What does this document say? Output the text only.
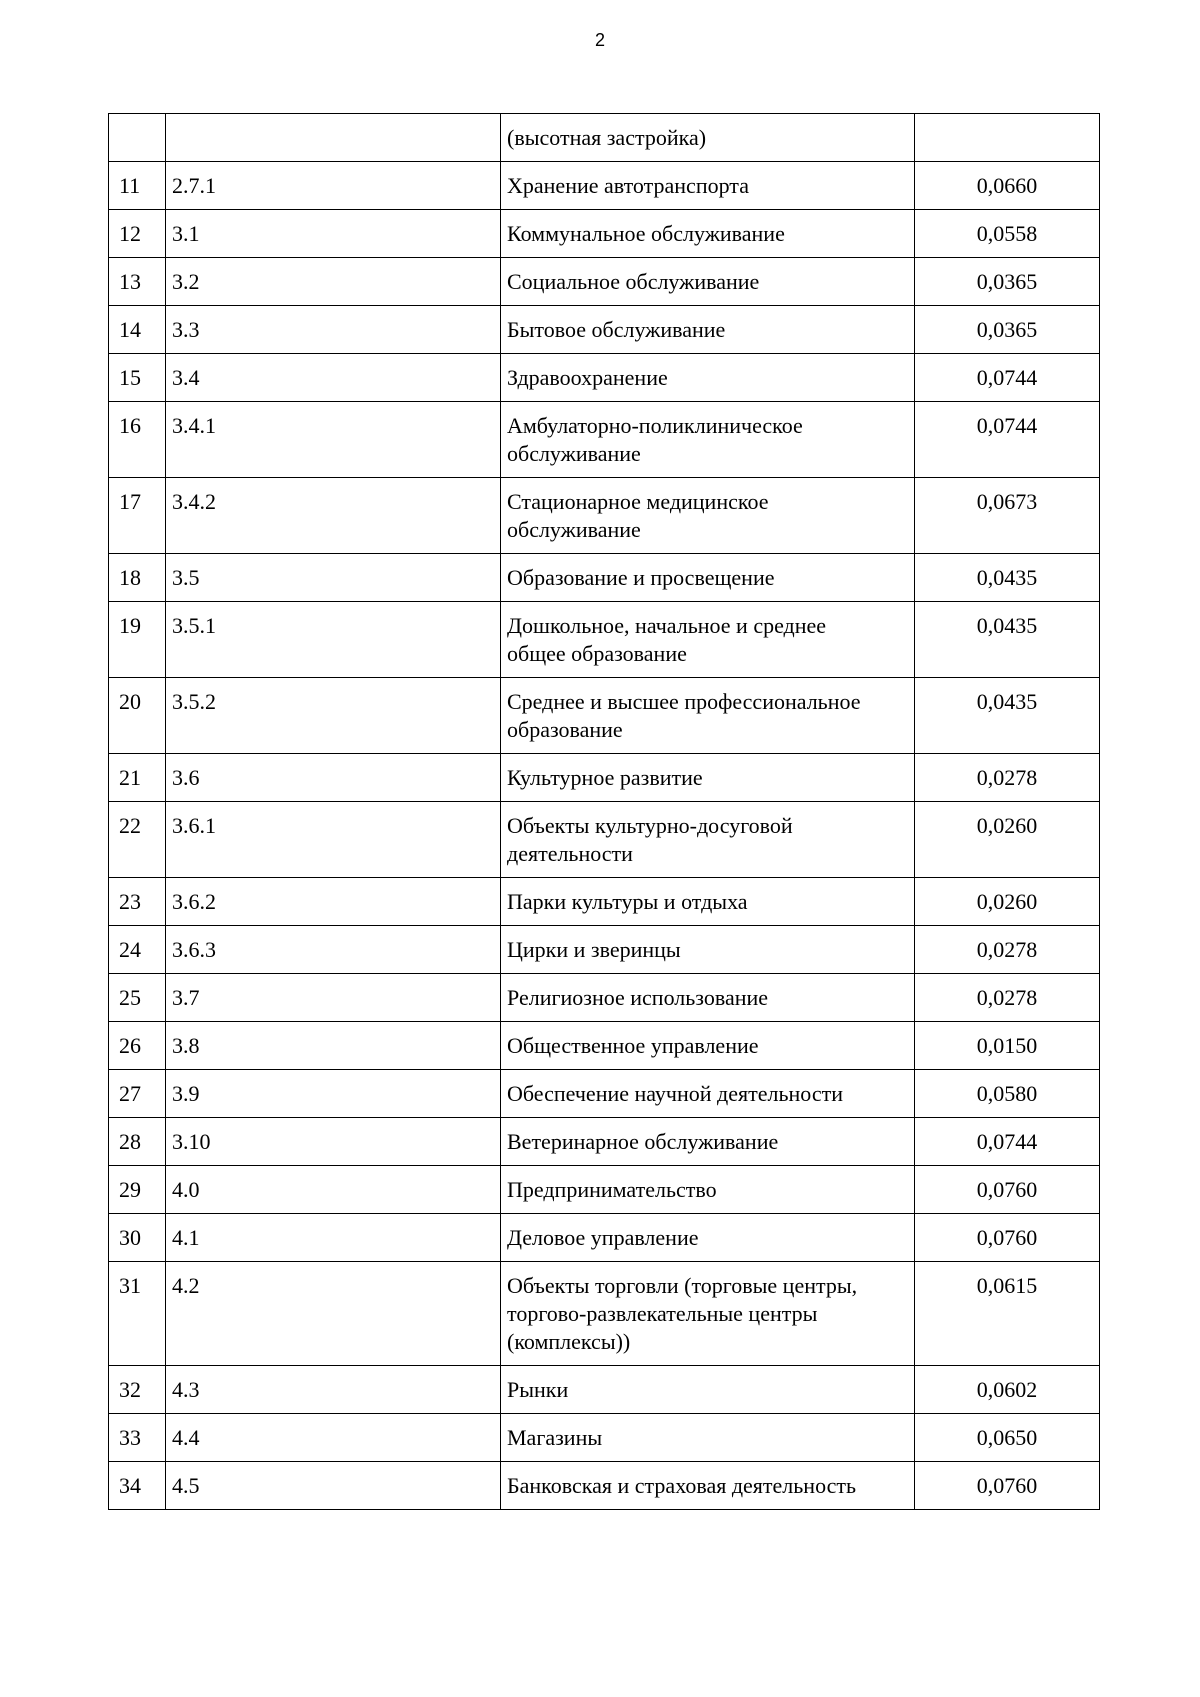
2
		(высотная застройка)	
11	2.7.1	Хранение автотранспорта	0,0660
12	3.1	Коммунальное обслуживание	0,0558
13	3.2	Социальное обслуживание	0,0365
14	3.3	Бытовое обслуживание	0,0365
15	3.4	Здравоохранение	0,0744
16	3.4.1	Амбулаторно-поликлиническое
обслуживание	0,0744
17	3.4.2	Стационарное медицинское
обслуживание	0,0673
18	3.5	Образование и просвещение	0,0435
19	3.5.1	Дошкольное, начальное и среднее
общее образование	0,0435
20	3.5.2	Среднее и высшее профессиональное
образование	0,0435
21	3.6	Культурное развитие	0,0278
22	3.6.1	Объекты культурно-досуговой
деятельности	0,0260
23	3.6.2	Парки культуры и отдыха	0,0260
24	3.6.3	Цирки и зверинцы	0,0278
25	3.7	Религиозное использование	0,0278
26	3.8	Общественное управление	0,0150
27	3.9	Обеспечение научной деятельности	0,0580
28	3.10	Ветеринарное обслуживание	0,0744
29	4.0	Предпринимательство	0,0760
30	4.1	Деловое управление	0,0760
31	4.2	Объекты торговли (торговые центры,
торгово-развлекательные центры
(комплексы))	0,0615
32	4.3	Рынки	0,0602
33	4.4	Магазины	0,0650
34	4.5	Банковская и страховая деятельность	0,0760
